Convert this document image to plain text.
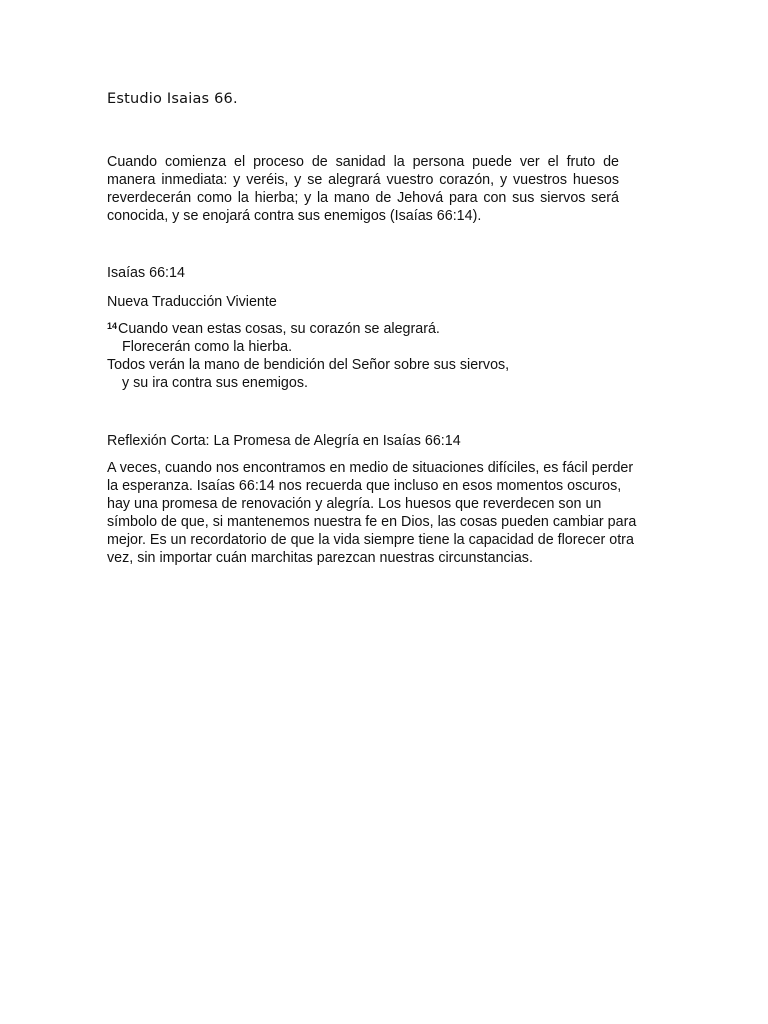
Estudio Isaias 66.

Cuando comienza el proceso de sanidad la persona puede ver el fruto de manera inmediata: y veréis, y se alegrará vuestro corazón, y vuestros huesos reverdecerán como la hierba; y la mano de Jehová para con sus siervos será conocida, y se enojará contra sus enemigos (Isaías 66:14).

Isaías 66:14

Nueva Traducción Viviente

$^{14}$Cuando vean estas cosas, su corazón se alegrará.
Florecerán como la hierba.
Todos verán la mano de bendición del Señor sobre sus siervos,
y su ira contra sus enemigos.

Reflexión Corta: La Promesa de Alegría en Isaías 66:14

A veces, cuando nos encontramos en medio de situaciones difíciles, es fácil perder
la esperanza. Isaías 66:14 nos recuerda que incluso en esos momentos oscuros,
hay una promesa de renovación y alegría. Los huesos que reverdecen son un
símbolo de que, si mantenemos nuestra fe en Dios, las cosas pueden cambiar para
mejor. Es un recordatorio de que la vida siempre tiene la capacidad de florecer otra
vez, sin importar cuán marchitas parezcan nuestras circunstancias.
